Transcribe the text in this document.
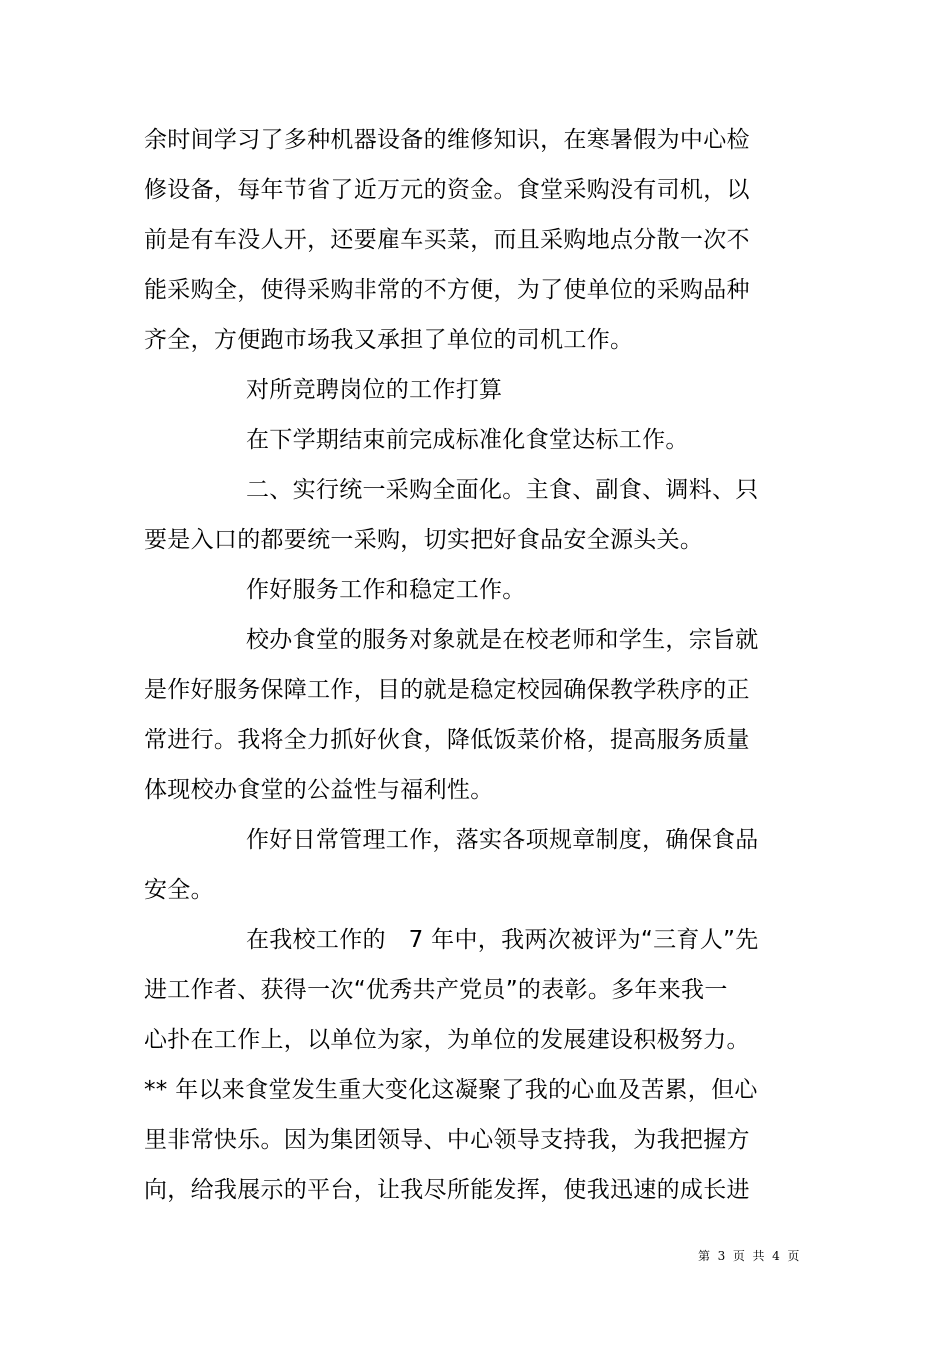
余时间学习了多种机器设备的维修知识，在寒暑假为中心检
修设备，每年节省了近万元的资金。食堂采购没有司机，以
前是有车没人开，还要雇车买菜，而且采购地点分散一次不
能采购全，使得采购非常的不方便，为了使单位的采购品种
齐全，方便跑市场我又承担了单位的司机工作。
对所竞聘岗位的工作打算
在下学期结束前完成标准化食堂达标工作。
二、实行统一采购全面化。主食、副食、调料、只
要是入口的都要统一采购，切实把好食品安全源头关。
作好服务工作和稳定工作。
校办食堂的服务对象就是在校老师和学生，宗旨就
是作好服务保障工作，目的就是稳定校园确保教学秩序的正
常进行。我将全力抓好伙食，降低饭菜价格，提高服务质量
体现校办食堂的公益性与福利性。
作好日常管理工作，落实各项规章制度，确保食品
安全。
在我校工作的   7 年中，我两次被评为“三育人”先
进工作者、获得一次“优秀共产党员”的表彰。多年来我一
心扑在工作上，以单位为家，为单位的发展建设积极努力。
** 年以来食堂发生重大变化这凝聚了我的心血及苦累，但心
里非常快乐。因为集团领导、中心领导支持我，为我把握方
向，给我展示的平台，让我尽所能发挥，使我迅速的成长进
第  3  页  共  4  页
